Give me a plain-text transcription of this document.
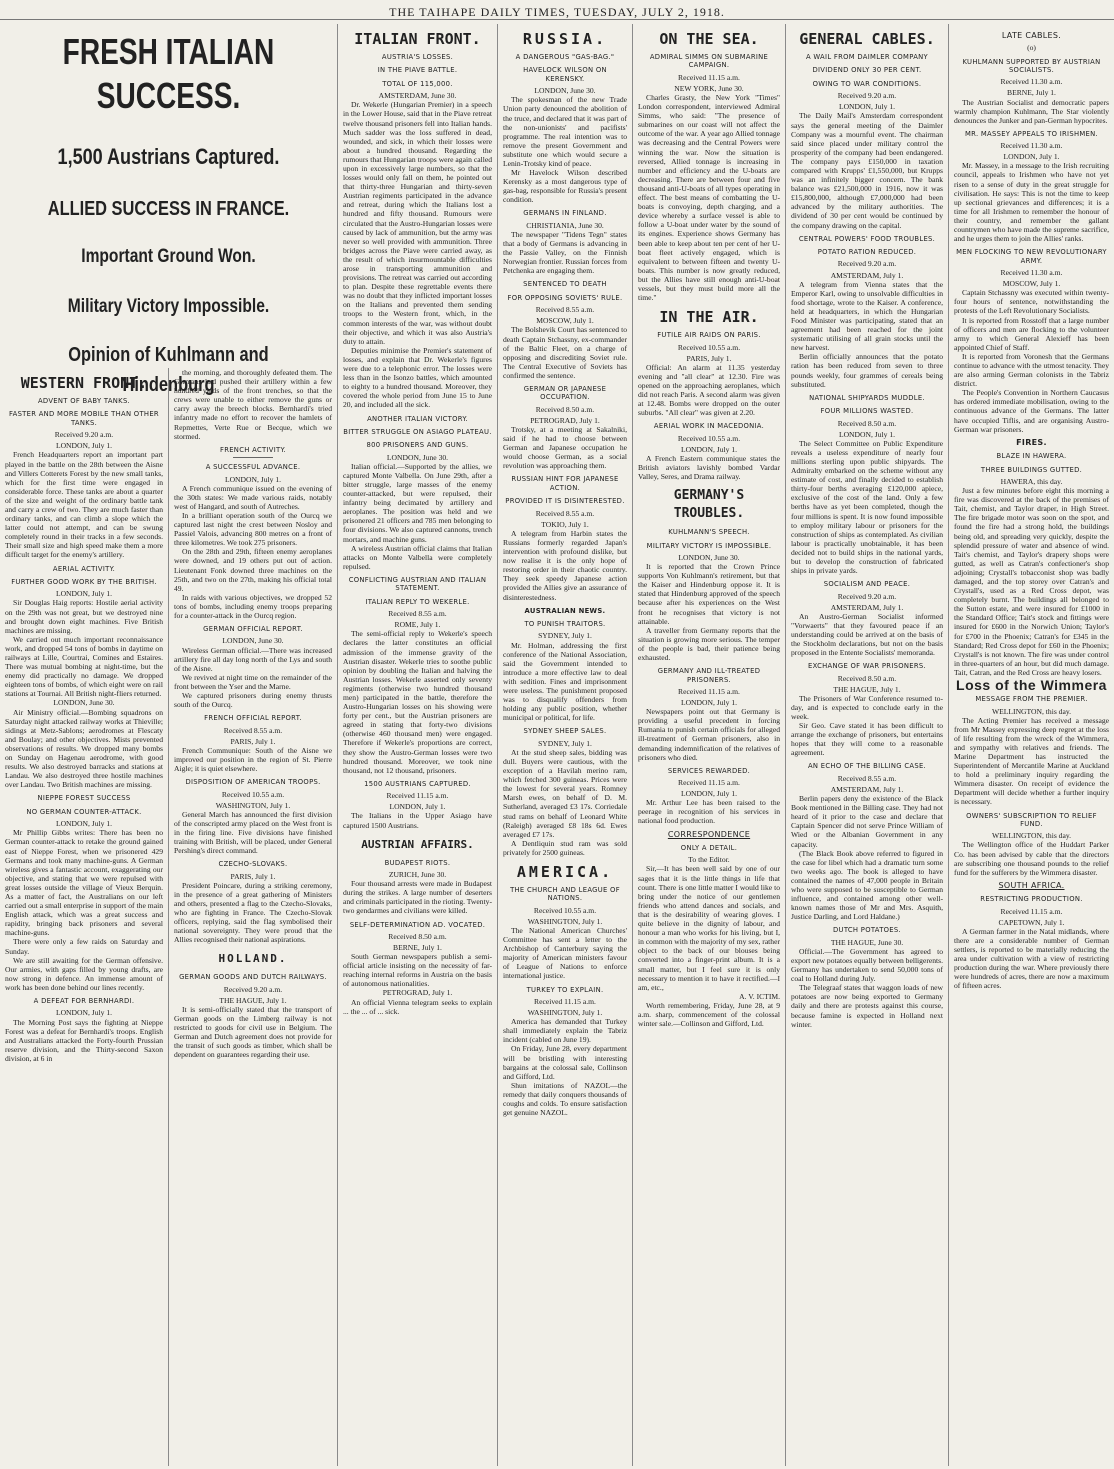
THE TAIHAPE DAILY TIMES, TUESDAY, JULY 2, 1918.
FRESH ITALIAN SUCCESS.
1,500 Austrians Captured.
ALLIED SUCCESS IN FRANCE.
Important Ground Won.
Military Victory Impossible.
Opinion of Kuhlmann and Hindenburg
WESTERN FRONT.
ADVENT OF BABY TANKS.
FASTER AND MORE MOBILE THAN OTHER TANKS.
Received 9.20 a.m.

LONDON, July 1.

French Headquarters report an important part played in the battle on the 28th between the Aisne and Villers Cotterets Forest by the new small tanks, which for the first time were engaged in considerable force. These tanks are about a quarter of the size and weight of the ordinary battle tank and carry a crew of two. They are much faster than ordinary tanks, and can climb a slope which the latter could not attempt, and can be swung completely round in their tracks in a few seconds. Their small size and high speed make them a more difficult target for the enemy's artillery.

AERIAL ACTIVITY.
FURTHER GOOD WORK BY THE BRITISH.

LONDON, July 1.

Sir Douglas Haig reports: Hostile aerial activity on the 29th was not great, but we destroyed nine and brought down eight machines. Five British machines are missing.

We carried out much important reconnaissance work, and dropped 54 tons of bombs in daytime on railways at Lille, Courtrai, Comines and Estaires. There was mutual bombing at night-time, but the enemy did practically no damage. We dropped eighteen tons of bombs, of which eight were on rail stations at Tournai. All British night-fliers returned.

LONDON, June 30.

Air Ministry official.—Bombing squadrons on Saturday night attacked railway works at Thieville; sidings at Metz-Sablons; aerodromes at Flescaty and Boulay; and other objectives. Mists prevented observations of results. We dropped many bombs on Sunday on Hagenau aerodrome, with good results. We also destroyed barracks and stations at Landau. We also destroyed three hostile machines over Landau. Two British machines are missing.

NIEPPE FOREST SUCCESS
NO GERMAN COUNTER-ATTACK.

LONDON, July 1.

Mr Phillip Gibbs writes: There has been no German counter-attack to retake the ground gained east of Nieppe Forest, when we prisonered 429 Germans and took many machine-guns. A German wireless gives a fantastic account, exaggerating our objective, and stating that we were repulsed with great losses outside the village of Vieux Berquin. As a matter of fact, the Australians on our left carried out a small enterprise in support of the main English attack, which was a great success and rapidity, bringing back prisoners and several machine-guns.

There were only a few raids on Saturday and Sunday.

We are still awaiting for the German offensive. Our armies, with gaps filled by young drafts, are now strong in defence. An immense amount of work has been done behind our lines recently.

A DEFEAT FOR BERNHARDI.

LONDON, July 1.

The Morning Post says the fighting at Nieppe Forest was a defeat for Bernhardi's troops. English and Australians attacked the Forty-fourth Prussian reserve division, and the Thirty-second Saxon division, at 6 in

the morning, and thoroughly defeated them. The Germans had pushed their artillery within a few hundred yards of the front trenches, so that the crews were unable to either remove the guns or carry away the breech blocks. Bernhardi's tried infantry made no effort to recover the hamlets of Repmettes, Verte Rue or Becque, which we stormed.

FRENCH ACTIVITY.
A SUCCESSFUL ADVANCE.

LONDON, July 1.

A French communique issued on the evening of the 30th states: We made various raids, notably west of Hangard, and south of Autreches.

In a brilliant operation south of the Ourcq we captured last night the crest between Nosloy and Passiel Valois, advancing 800 metres on a front of three kilometres. We took 275 prisoners.

On the 28th and 29th, fifteen enemy aeroplanes were downed, and 19 others put out of action. Lieutenant Fonk downed three machines on the 25th, and two on the 27th, making his official total 49.

In raids with various objectives, we dropped 52 tons of bombs, including enemy troops preparing for a counter-attack in the Ourcq region.

GERMAN OFFICIAL REPORT.

LONDON, June 30.

Wireless German official.—There was increased artillery fire all day long north of the Lys and south of the Aisne.

We revived at night time on the remainder of the front between the Yser and the Marne.

We captured prisoners during enemy thrusts south of the Ourcq.

FRENCH OFFICIAL REPORT.
Received 8.55 a.m.

PARIS, July 1.

French Communique: South of the Aisne we improved our position in the region of St. Pierre Aigle; it is quiet elsewhere.

DISPOSITION OF AMERICAN TROOPS.
Received 10.55 a.m.

WASHINGTON, July 1.

General March has announced the first division of the conscripted army placed on the West front is in the firing line. Five divisions have finished training with British, will be placed, under General Pershing's direct command.

CZECHO-SLOVAKS.

PARIS, July 1.

President Poincare, during a striking ceremony, in the presence of a great gathering of Ministers and others, presented a flag to the Czecho-Slovaks, who are fighting in France. The Czecho-Slovak officers, replying, said the flag symbolised their national sovereignty. They were proud that the Allies recognised their national aspirations.

HOLLAND.
GERMAN GOODS AND DUTCH RAILWAYS.
Received 9.20 a.m.

THE HAGUE, July 1.

It is semi-officially stated that the transport of German goods on the Limberg railway is not restricted to goods for civil use in Belgium. The German and Dutch agreement does not provide for the transit of such goods as timber, which shall be dependent on guarantees regarding their use.

ITALIAN FRONT.
AUSTRIA'S LOSSES.
IN THE PIAVE BATTLE.
TOTAL OF 115,000.

AMSTERDAM, June 30.

Dr. Wekerle (Hungarian Premier) in a speech in the Lower House, said that in the Piave retreat twelve thousand prisoners fell into Italian hands. Much sadder was the loss suffered in dead, wounded, and sick, in which their losses were about a hundred thousand. Regarding the rumours that Hungarian troops were again called upon in excessively large numbers, so that the losses would only fall on them, he pointed out that thirty-three Hungarian and thirty-seven Austrian regiments participated in the advance and retreat, during which the Italians lost a hundred and fifty thousand. Rumours were circulated that the Austro-Hungarian losses were caused by lack of ammunition, but the army was never so well provided with ammunition. Three bridges across the Piave were carried away, as the result of which insurmountable difficulties arose in transporting ammunition and provisions. The retreat was carried out according to plan. Despite these regrettable events there was no doubt that they inflicted important losses on the Italians and prevented them sending troops to the Western front, which, in the common interests of the war, was without doubt their objective, and which it was also Austria's duty to attain.

Deputies minimise the Premier's statement of losses, and explain that Dr. Wekerle's figures were due to a telephonic error. The losses were less than in the Isonzo battles, which amounted to eighty to a hundred thousand. Moreover, they covered the whole period from June 15 to June 20, and included all the sick.

ANOTHER ITALIAN VICTORY.
BITTER STRUGGLE ON ASIAGO PLATEAU.
800 PRISONERS AND GUNS.

LONDON, June 30.

Italian official.—Supported by the allies, we captured Monte Valbella. On June 29th, after a bitter struggle, large masses of the enemy counter-attacked, but were repulsed, their infantry being decimated by artillery and aeroplanes. The position was held and we prisonered 21 officers and 785 men belonging to four divisions. We also captured cannons, trench mortars, and machine guns.

A wireless Austrian official claims that Italian attacks on Monte Valbella were completely repulsed.

CONFLICTING AUSTRIAN AND ITALIAN STATEMENT.
ITALIAN REPLY TO WEKERLE.
Received 8.55 a.m.

ROME, July 1.

The semi-official reply to Wekerle's speech declares the latter constitutes an official admission of the immense gravity of the Austrian disaster. Wekerle tries to soothe public opinion by doubling the Italian and halving the Austrian losses. Wekerle asserted only seventy regiments (otherwise two hundred thousand men) participated in the battle, therefore the Austro-Hungarian losses on his showing were forty per cent., but the Austrian prisoners are agreed in stating that forty-two divisions (otherwise 460 thousand men) were engaged. Therefore if Wekerle's proportions are correct, they show the Austro-German losses were two hundred thousand. Moreover, we took nine thousand, not 12 thousand, prisoners.

1500 AUSTRIANS CAPTURED.
Received 11.15 a.m.

LONDON, July 1.

The Italians in the Upper Asiago have captured 1500 Austrians.

AUSTRIAN AFFAIRS.
BUDAPEST RIOTS.

ZURICH, June 30.

Four thousand arrests were made in Budapest during the strikes. A large number of deserters and criminals participated in the rioting. Twenty-two gendarmes and civilians were killed.

SELF-DETERMINATION AD. VOCATED.
Received 8.50 a.m.

BERNE, July 1.

South German newspapers publish a semi-official article insisting on the necessity of far-reaching internal reforms in Austria on the basis of autonomous nationalities.

PETROGRAD, July 1.

An official Vienna telegram seeks to explain ... the ... of ... sick.

RUSSIA.
A DANGEROUS "GAS-BAG."
HAVELOCK WILSON ON KERENSKY.

LONDON, June 30.

The spokesman of the new Trade Union party denounced the abolition of the truce, and declared that it was part of the non-unionists' and pacifists' programme. The real intention was to remove the present Government and substitute one which would secure a Lenin-Trotsky kind of peace.

Mr Havelock Wilson described Kerensky as a most dangerous type of gas-bag, responsible for Russia's present condition.

GERMANS IN FINLAND.

CHRISTIANIA, June 30.

The newspaper "Tidens Tegn" states that a body of Germans is advancing in the Passie Valley, on the Finnish Norwegian frontier. Russian forces from Petchenka are engaging them.

SENTENCED TO DEATH
FOR OPPOSING SOVIETS' RULE.
Received 8.55 a.m.

MOSCOW, July 1.

The Bolshevik Court has sentenced to death Captain Stchassny, ex-commander of the Baltic Fleet, on a charge of opposing and discrediting Soviet rule. The Central Executive of Soviets has confirmed the sentence.

GERMAN OR JAPANESE OCCUPATION.
Received 8.50 a.m.

PETROGRAD, July 1.

Trotsky, at a meeting at Sakalniki, said if he had to choose between German and Japanese occupation he would choose German, as a social revolution was approaching them.

RUSSIAN HINT FOR JAPANESE ACTION.
PROVIDED IT IS DISINTERESTED.
Received 8.55 a.m.

TOKIO, July 1.

A telegram from Harbin states the Russians formerly regarded Japan's intervention with profound dislike, but now realise it is the only hope of restoring order in their chaotic country. They seek speedy Japanese action provided the Allies give an assurance of disinterestedness.

AUSTRALIAN NEWS.
TO PUNISH TRAITORS.

SYDNEY, July 1.

Mr. Holman, addressing the first conference of the National Association, said the Government intended to introduce a more effective law to deal with sedition. Fines and imprisonment were useless. The punishment proposed was to disqualify offenders from holding any public position, whether municipal or political, for life.

SYDNEY SHEEP SALES.

SYDNEY, July 1.

At the stud sheep sales, bidding was dull. Buyers were cautious, with the exception of a Havilah merino ram, which fetched 300 guineas. Prices were the lowest for several years. Romney Marsh ewes, on behalf of D. M. Sutherland, averaged £3 17s. Corriedale stud rams on behalf of Leonard White (Raleigh) averaged £8 18s 6d. Ewes averaged £7 17s.

A Dentliquin stud ram was sold privately for 2500 guineas.

AMERICA.
THE CHURCH AND LEAGUE OF NATIONS.
Received 10.55 a.m.

WASHINGTON, July 1.

The National American Churches' Committee has sent a letter to the Archbishop of Canterbury saying the majority of American ministers favour of League of Nations to enforce international justice.

TURKEY TO EXPLAIN.
Received 11.15 a.m.

WASHINGTON, July 1.

America has demanded that Turkey shall immediately explain the Tabriz incident (cabled on June 19).

On Friday, June 28, every department will be bristling with interesting bargains at the colossal sale, Collinson and Gifford, Ltd.

Shun imitations of NAZOL—the remedy that daily conquers thousands of coughs and colds. To ensure satisfaction get genuine NAZOL.

ON THE SEA.
ADMIRAL SIMMS ON SUBMARINE CAMPAIGN.
Received 11.15 a.m.

NEW YORK, June 30.

Charles Grasty, the New York "Times" London correspondent, interviewed Admiral Simms, who said: "The presence of submarines on our coast will not affect the outcome of the war. A year ago Allied tonnage was decreasing and the Central Powers were winning the war. Now the situation is reversed, Allied tonnage is increasing in number and efficiency and the U-boats are decreasing. There are between four and five thousand anti-U-boats of all types operating in effect. The best means of combatting the U-boats is convoying, depth charging, and a device whereby a surface vessel is able to follow a U-boat under water by the sound of its engines. Experience shows Germany has been able to keep about ten per cent of her U-boat fleet actively engaged, which is equivalent to between fifteen and twenty U-boats. This number is now greatly reduced, but the Allies have still enough anti-U-boat vessels, but they must build more all the time."

IN THE AIR.
FUTILE AIR RAIDS ON PARIS.
Received 10.55 a.m.

PARIS, July 1.

Official: An alarm at 11.35 yesterday evening and "all clear" at 12.30. Fire was opened on the approaching aeroplanes, which did not reach Paris. A second alarm was given at 12.48. Bombs were dropped on the outer suburbs. "All clear" was given at 2.20.

AERIAL WORK IN MACEDONIA.
Received 10.55 a.m.

LONDON, July 1.

A French Eastern communique states the British aviators lavishly bombed Vardar Valley, Seres, and Drama railway.

GERMANY'S TROUBLES.
KUHLMANN'S SPEECH.
MILITARY VICTORY IS IMPOSSIBLE.

LONDON, June 30.

It is reported that the Crown Prince supports Von Kuhlmann's retirement, but that the Kaiser and Hindenburg oppose it. It is stated that Hindenburg approved of the speech because after his experiences on the West front he recognises that victory is not attainable.

A traveller from Germany reports that the situation is growing more serious. The temper of the people is bad, their patience being exhausted.

GERMANY AND ILL-TREATED PRISONERS.
Received 11.15 a.m.

LONDON, July 1.

Newspapers point out that Germany is providing a useful precedent in forcing Rumania to punish certain officials for alleged ill-treatment of German prisoners, also in demanding indemnification of the relatives of prisoners who died.

SERVICES REWARDED.
Received 11.15 a.m.

LONDON, July 1.

Mr. Arthur Lee has been raised to the peerage in recognition of his services in national food production.

CORRESPONDENCE
ONLY A DETAIL.

To the Editor.

Sir,—It has been well said by one of our sages that it is the little things in life that count. There is one little matter I would like to bring under the notice of our gentlemen friends who attend dances and socials, and that is the desirability of wearing gloves. I quite believe in the dignity of labour, and honour a man who works for his living, but I, in common with the majority of my sex, rather object to the back of our blouses being converted into a finger-print album. It is a small matter, but I feel sure it is only necessary to mention it to have it rectified.—I am, etc.,

A. V. ICTIM.

Worth remembering, Friday, June 28, at 9 a.m. sharp, commencement of the colossal winter sale.—Collinson and Gifford, Ltd.

GENERAL CABLES.
A WAIL FROM DAIMLER COMPANY
DIVIDEND ONLY 30 PER CENT.
OWING TO WAR CONDITIONS.
Received 9.20 a.m.

LONDON, July 1.

The Daily Mail's Amsterdam correspondent says the general meeting of the Daimler Company was a mournful event. The chairman said since placed under military control the prosperity of the company had been endangered. The company pays £150,000 in taxation compared with Krupps' £1,550,000, but Krupps was an infinitely bigger concern. The bank balance was £21,500,000 in 1916, now it was £15,800,000, although £7,000,000 had been advanced by the military authorities. The dividend of 30 per cent would be continued by the company drawing on the capital.

CENTRAL POWERS' FOOD TROUBLES.
POTATO RATION REDUCED.
Received 9.20 a.m.

AMSTERDAM, July 1.

A telegram from Vienna states that the Emperor Karl, owing to unsolvable difficulties in food shortage, wrote to the Kaiser. A conference, held at headquarters, in which the Hungarian Food Minister was participating, stated that an agreement had been reached for the joint systematic utilising of all grain stocks until the new harvest.

Berlin officially announces that the potato ration has been reduced from seven to three pounds weekly, four grammes of cereals being substituted.

NATIONAL SHIPYARDS MUDDLE.
FOUR MILLIONS WASTED.
Received 8.50 a.m.

LONDON, July 1.

The Select Committee on Public Expenditure reveals a useless expenditure of nearly four millions sterling upon public shipyards. The Admiralty embarked on the scheme without any estimate of cost, and finally decided to establish thirty-four berths averaging £120,000 apiece, exclusive of the cost of the land. Only a few berths have as yet been completed, though the four millions is spent. It is now found impossible to employ military labour or prisoners for the construction of ships as contemplated. As civilian labour is practically unobtainable, it has been decided not to build ships in the national yards, but to develop the construction of fabricated ships in private yards.

SOCIALISM AND PEACE.
Received 9.20 a.m.

AMSTERDAM, July 1.

An Austro-German Socialist informed "Vorwaerts" that they favoured peace if an understanding could be arrived at on the basis of the Stockholm declarations, but not on the basis proposed in the Entente Socialists' memoranda.

EXCHANGE OF WAR PRISONERS.
Received 8.50 a.m.

THE HAGUE, July 1.

The Prisoners of War Conference resumed to-day, and is expected to conclude early in the week.

Sir Geo. Cave stated it has been difficult to arrange the exchange of prisoners, but entertains hopes that they will come to a reasonable agreement.

AN ECHO OF THE BILLING CASE.
Received 8.55 a.m.

AMSTERDAM, July 1.

Berlin papers deny the existence of the Black Book mentioned in the Billing case. They had not heard of it prior to the case and declare that Captain Spencer did not serve Prince William of Wied or the Albanian Government in any capacity.

(The Black Book above referred to figured in the case for libel which had a dramatic turn some two weeks ago. The book is alleged to have contained the names of 47,000 people in Britain who were supposed to be susceptible to German influence, and contained among other well-known names those of Mr and Mrs. Asquith, Justice Darling, and Lord Haldane.)

DUTCH POTATOES.

THE HAGUE, June 30.

Official.—The Government has agreed to export new potatoes equally between belligerents. Germany has undertaken to send 50,000 tons of coal to Holland during July.

The Telegraaf states that waggon loads of new potatoes are now being exported to Germany daily and there are protests against this course, because famine is expected in Holland next winter.

LATE CABLES.
(o)
KUHLMANN SUPPORTED BY AUSTRIAN SOCIALISTS.
Received 11.30 a.m.

BERNE, July 1.

The Austrian Socialist and democratic papers warmly champion Kuhlmann, The Star violently denounces the Junker and pan-German hypocrites.

MR. MASSEY APPEALS TO IRISHMEN.
Received 11.30 a.m.

LONDON, July 1.

Mr. Massey, in a message to the Irish recruiting council, appeals to Irishmen who have not yet risen to a sense of duty in the great struggle for civilisation. He says: This is not the time to keep up sectional grievances and differences; it is a time for all Irishmen to remember the honour of their country, and remember the gallant countrymen who have made the supreme sacrifice, and he urges them to join the Allies' ranks.

MEN FLOCKING TO NEW REVOLUTIONARY ARMY.
Received 11.30 a.m.

MOSCOW, July 1.

Captain Stchassny was executed within twenty-four hours of sentence, notwithstanding the protests of the Left Revolutionary Socialists.

It is reported from Rosstoff that a large number of officers and men are flocking to the volunteer army to which General Alexieff has been appointed Chief of Staff.

It is reported from Voronesh that the Germans continue to advance with the utmost tenacity. They are also arming German colonists in the Tabriz district.

The People's Convention in Northern Caucasus has ordered immediate mobilisation, owing to the continuous advance of the Germans. The latter have occupied Tiflis, and are organising Austro-German war prisoners.

FIRES.
BLAZE IN HAWERA.
THREE BUILDINGS GUTTED.

HAWERA, this day.

Just a few minutes before eight this morning a fire was discovered at the back of the premises of Tait, chemist, and Taylor draper, in High Street. The fire brigade motor was soon on the spot, and found the fire had a strong hold, the buildings being old, and spreading very quickly, despite the splendid pressure of water and absence of wind. Tait's chemist, and Taylor's drapery shops were gutted, as well as Catran's confectioner's shop adjoining; Crystall's tobacconist shop was badly damaged, and the top storey over Catran's and Crystall's, used as a Red Cross depot, was completely burnt. The buildings all belonged to the Sutton estate, and were insured for £1000 in the Standard Office; Tait's stock and fittings were insured for £600 in the Norwich Union; Taylor's for £700 in the Phoenix; Catran's for £345 in the Standard; Red Cross depot for £60 in the Phoenix; Crystall's is not known. The fire was under control in three-quarters of an hour, but did much damage. Tait, Catran, and the Red Cross are heavy losers.

Loss of the Wimmera
MESSAGE FROM THE PREMIER.

WELLINGTON, this day.

The Acting Premier has received a message from Mr Massey expressing deep regret at the loss of life resulting from the wreck of the Wimmera, and sympathy with relatives and friends. The Marine Department has instructed the Superintendent of Mercantile Marine at Auckland to hold a preliminary inquiry regarding the Wimmera disaster. On receipt of evidence the Department will decide whether a further inquiry is necessary.

OWNERS' SUBSCRIPTION TO RELIEF FUND.

WELLINGTON, this day.

The Wellington office of the Huddart Parker Co. has been advised by cable that the directors are subscribing one thousand pounds to the relief fund for the sufferers by the Wimmera disaster.

SOUTH AFRICA.
RESTRICTING PRODUCTION.
Received 11.15 a.m.

CAPETOWN, July 1.

A German farmer in the Natal midlands, where there are a considerable number of German settlers, is reported to be materially reducing the area under cultivation with a view of restricting production during the war. Where previously there were hundreds of acres, there are now a maximum of fifteen acres.
